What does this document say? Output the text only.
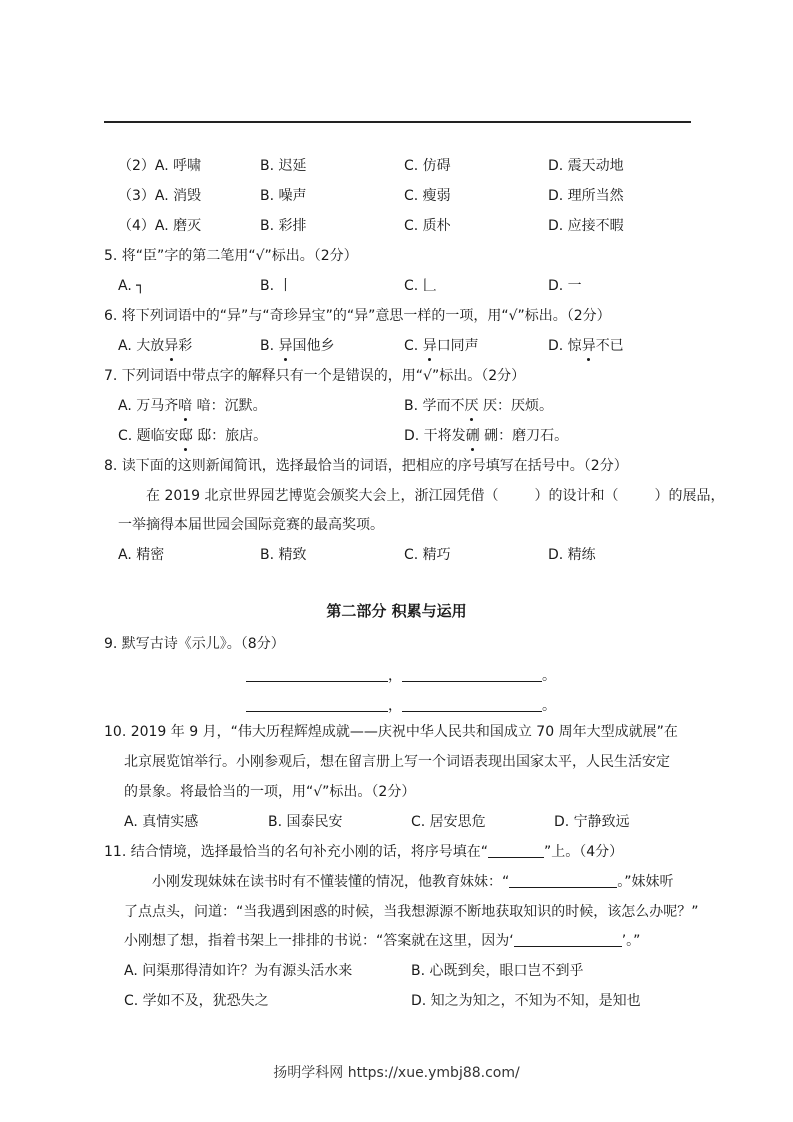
（2）A. 呼啸	B. 迟延	C. 仿碍	D. 震天动地
（3）A. 消毁	B. 噪声	C. 瘦弱	D. 理所当然
（4）A. 磨灭	B. 彩排	C. 质朴	D. 应接不暇
5. 将“臣”字的第二笔用“√”标出。（2分）
A. ┐	B. 丨	C. 𠃊	D. 一
6. 将下列词语中的“异”与“奇珍异宝”的“异”意思一样的一项，用“√”标出。（2分）
A. 大放异彩	B. 异国他乡	C. 异口同声	D. 惊异不已
7. 下列词语中带点字的解释只有一个是错误的，用“√”标出。（2分）
A. 万马齐喑 喑：沉默。	B. 学而不厌 厌：厌烦。
C. 题临安邸 邸：旅店。	D. 干将发硎 硎：磨刀石。
8. 读下面的这则新闻简讯，选择最恰当的词语，把相应的序号填写在括号中。（2分）
在 2019 北京世界园艺博览会颁奖大会上，浙江园凭借（	）的设计和（	）的展品，
一举摘得本届世园会国际竞赛的最高奖项。
A. 精密	B. 精致	C. 精巧	D. 精练
第二部分 积累与运用
9. 默写古诗《示儿》。（8分）
，	。
，	。
10. 2019 年 9 月，“伟大历程辉煌成就——庆祝中华人民共和国成立 70 周年大型成就展”在
北京展览馆举行。小刚参观后，想在留言册上写一个词语表现出国家太平，人民生活安定
的景象。将最恰当的一项，用“√”标出。（2分）
A. 真情实感	B. 国泰民安	C. 居安思危	D. 宁静致远
11. 结合情境，选择最恰当的名句补充小刚的话，将序号填在“	”上。（4分）
小刚发现妹妹在读书时有不懂装懂的情况，他教育妹妹：“	。”妹妹听
了点点头，问道：“当我遇到困惑的时候，当我想源源不断地获取知识的时候，该怎么办呢？”
小刚想了想，指着书架上一排排的书说：“答案就在这里，因为‘	’。”
A. 问渠那得清如许？为有源头活水来	B. 心既到矣，眼口岂不到乎
C. 学如不及，犹恐失之	D. 知之为知之，不知为不知，是知也
扬明学科网 https://xue.ymbj88.com/
